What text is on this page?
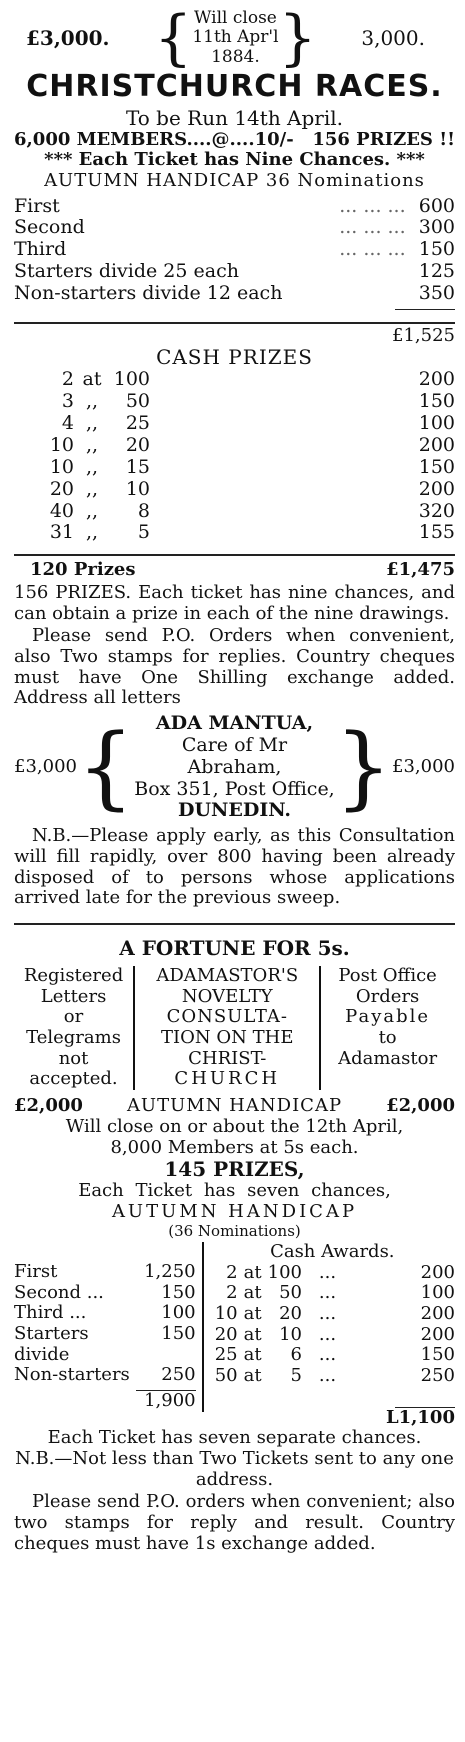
£3,000. { Will close
11th Apr'l
1884. } 3,000.
CHRISTCHURCH RACES.
To be Run 14th April.
6,000 MEMBERS....@....10/- 156 PRIZES !!
*** Each Ticket has Nine Chances. ***
AUTUMN HANDICAP 36 Nominations
First	... ... ...	600
Second	... ... ...	300
Third	... ... ...	150
Starters divide 25 each		125
Non-starters divide 12 each		350
£1,525
CASH PRIZES
2	at	100		200
3	,,	50		150
4	,,	25		100
10	,,	20		200
10	,,	15		150
20	,,	10		200
40	,,	8		320
31	,,	5		155
120 Prizes	£1,475
156 PRIZES. Each ticket has nine chances, and can obtain a prize in each of the nine drawings.
Please send P.O. Orders when convenient, also Two stamps for replies. Country cheques must have One Shilling exchange added. Address all letters
£3,000 {	ADA MANTUA,
Care of Mr Abraham,
Box 351, Post Office,
DUNEDIN. } £3,000
N.B.—Please apply early, as this Consultation will fill rapidly, over 800 having been already disposed of to persons whose applications arrived late for the previous sweep.
A FORTUNE FOR 5s.
Registered
Letters
or
Telegrams
not
accepted.
ADAMASTOR'S
NOVELTY
CONSULTA-
TION ON THE
CHRIST-
CHURCH
Post Office
Orders
Payable
to
Adamastor
£2,000 AUTUMN HANDICAP £2,000
Will close on or about the 12th April,
8,000 Members at 5s each.
145 PRIZES,
Each Ticket has seven chances,
AUTUMN HANDICAP
(36 Nominations)
First	1,250
Second ...	150
Third ...	100
Starters divide	150
Non-starters	250
1,900
Cash Awards.
2	at	100	...	200
2	at	50	...	100
10	at	20	...	200
20	at	10	...	200
25	at	6	...	150
50	at	5	...	250
L1,100
Each Ticket has seven separate chances.
N.B.—Not less than Two Tickets sent to any one address.
Please send P.O. orders when convenient; also two stamps for reply and result. Country cheques must have 1s exchange added.
